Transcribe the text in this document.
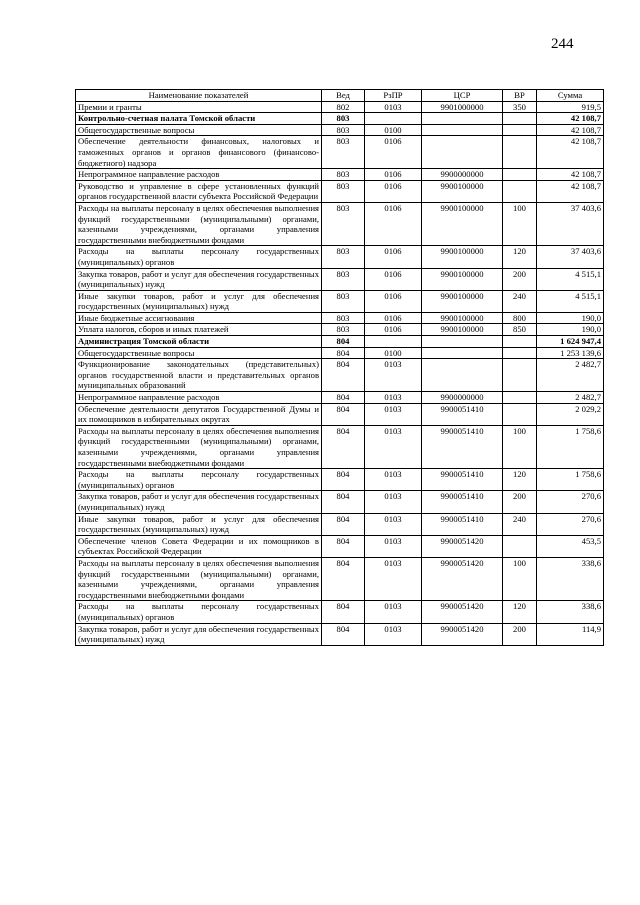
244
Наименование показателей	Вед	РзПР	ЦСР	ВР	Сумма
Премии и гранты	802	0103	9901000000	350	919,5
Контрольно-счетная палата Томской области	803				42 108,7
Общегосударственные вопросы	803	0100			42 108,7
Обеспечение деятельности финансовых, налоговых и таможенных органов и органов финансового (финансово-бюджетного) надзора	803	0106			42 108,7
Непрограммное направление расходов	803	0106	9900000000		42 108,7
Руководство и управление в сфере установленных функций органов государственной власти субъекта Российской Федерации	803	0106	9900100000		42 108,7
Расходы на выплаты персоналу в целях обеспечения выполнения функций государственными (муниципальными) органами, казенными учреждениями, органами управления государственными внебюджетными фондами	803	0106	9900100000	100	37 403,6
Расходы на выплаты персоналу государственных (муниципальных) органов	803	0106	9900100000	120	37 403,6
Закупка товаров, работ и услуг для обеспечения государственных (муниципальных) нужд	803	0106	9900100000	200	4 515,1
Иные закупки товаров, работ и услуг для обеспечения государственных (муниципальных) нужд	803	0106	9900100000	240	4 515,1
Иные бюджетные ассигнования	803	0106	9900100000	800	190,0
Уплата налогов, сборов и иных платежей	803	0106	9900100000	850	190,0
Администрация Томской области	804				1 624 947,4
Общегосударственные вопросы	804	0100			1 253 139,6
Функционирование законодательных (представительных) органов государственной власти и представительных органов муниципальных образований	804	0103			2 482,7
Непрограммное направление расходов	804	0103	9900000000		2 482,7
Обеспечение деятельности депутатов Государственной Думы и их помощников в избирательных округах	804	0103	9900051410		2 029,2
Расходы на выплаты персоналу в целях обеспечения выполнения функций государственными (муниципальными) органами, казенными учреждениями, органами управления государственными внебюджетными фондами	804	0103	9900051410	100	1 758,6
Расходы на выплаты персоналу государственных (муниципальных) органов	804	0103	9900051410	120	1 758,6
Закупка товаров, работ и услуг для обеспечения государственных (муниципальных) нужд	804	0103	9900051410	200	270,6
Иные закупки товаров, работ и услуг для обеспечения государственных (муниципальных) нужд	804	0103	9900051410	240	270,6
Обеспечение членов Совета Федерации и их помощников в субъектах Российской Федерации	804	0103	9900051420		453,5
Расходы на выплаты персоналу в целях обеспечения выполнения функций государственными (муниципальными) органами, казенными учреждениями, органами управления государственными внебюджетными фондами	804	0103	9900051420	100	338,6
Расходы на выплаты персоналу государственных (муниципальных) органов	804	0103	9900051420	120	338,6
Закупка товаров, работ и услуг для обеспечения государственных (муниципальных) нужд	804	0103	9900051420	200	114,9
